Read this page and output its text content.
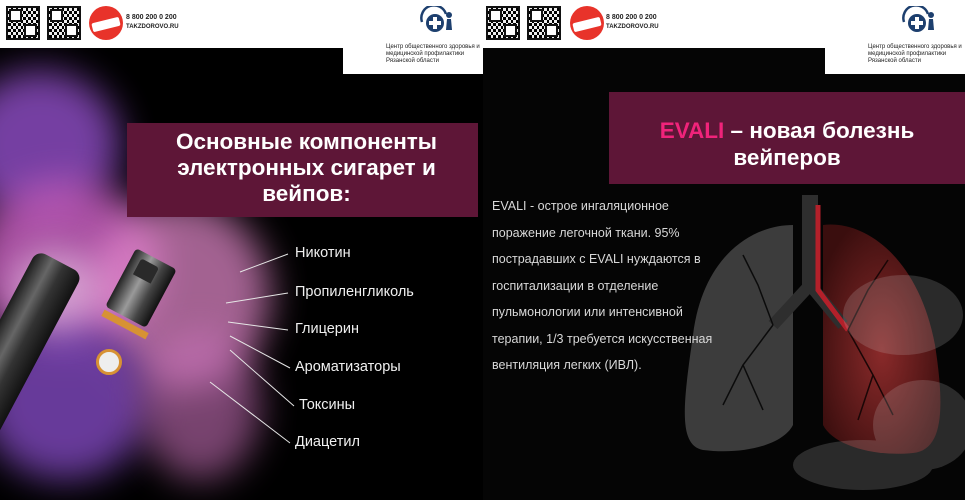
8 800 200 0 200
TAKZDOROVO.RU
Центр общественного здоровья и медицинской профилактики Рязанской области
Основные компоненты
электронных сигарет и
вейпов:
Никотин
Пропиленгликоль
Глицерин
Ароматизаторы
Токсины
Диацетил
8 800 200 0 200
TAKZDOROVO.RU
Центр общественного здоровья и медицинской профилактики Рязанской области
EVALI – новая болезнь
вейперов
EVALI - острое ингаляционное поражение легочной ткани. 95% пострадавших с EVALI нуждаются в госпитализации в отделение пульмонологии или интенсивной терапии, 1/3 требуется искусственная вентиляция легких (ИВЛ).
